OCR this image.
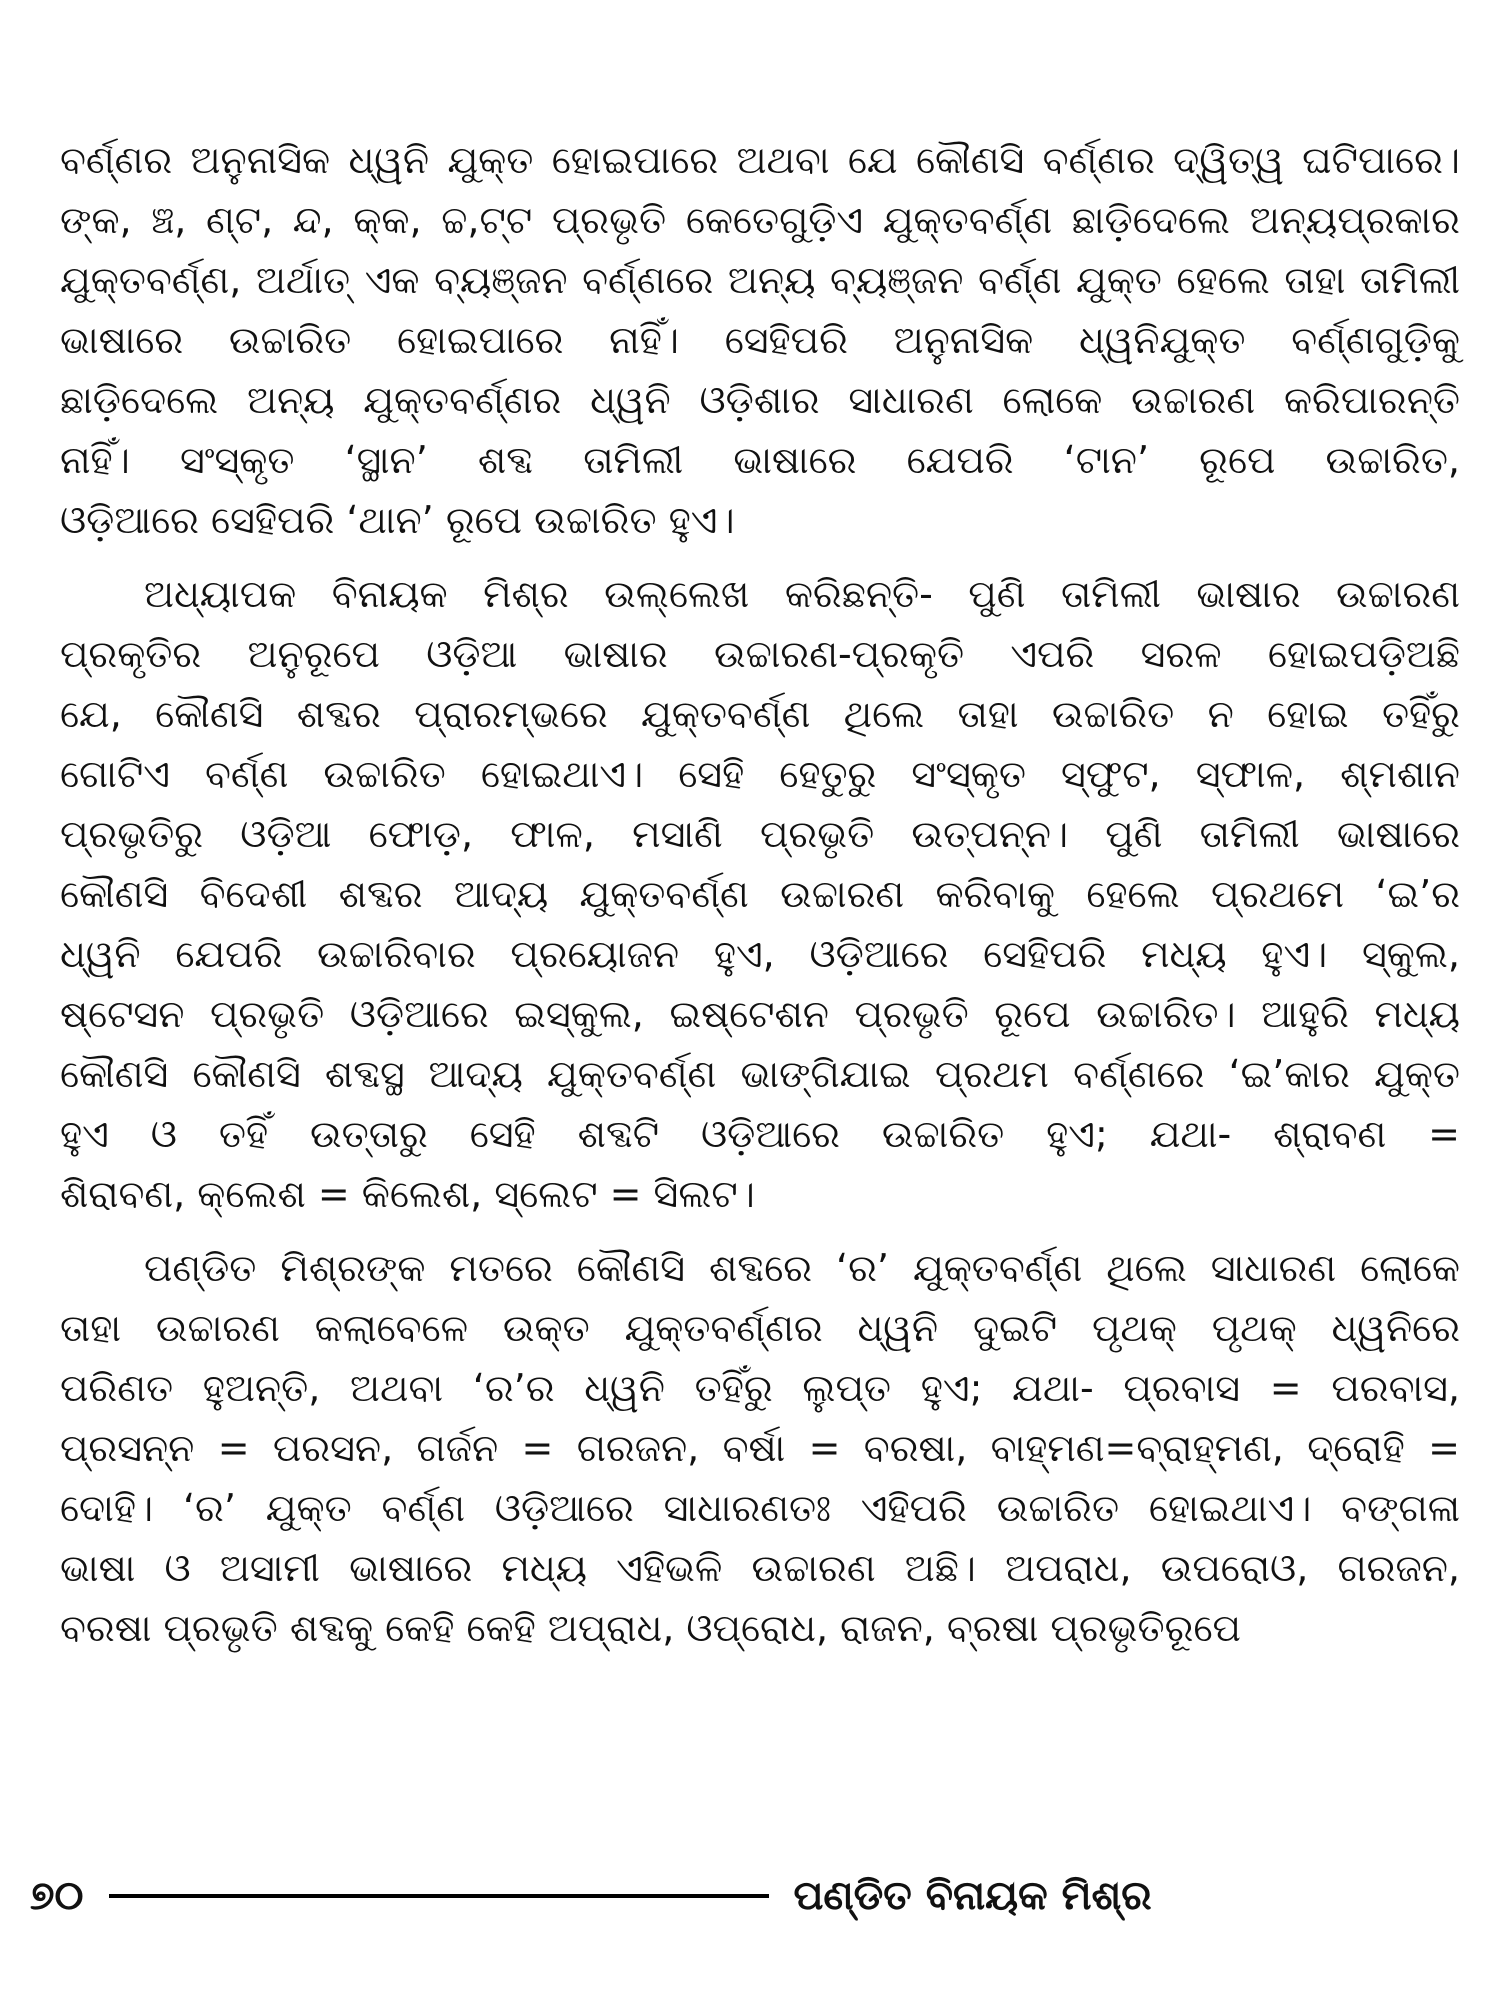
ବର୍ଣ୍ଣର ଅନୁନାସିକ ଧ୍ୱନି ଯୁକ୍ତ ହୋଇପାରେ ଅଥବା ଯେ କୌଣସି ବର୍ଣ୍ଣର ଦ୍ୱିତ୍ୱ ଘଟିପାରେ।
ଙ୍କ, ଞ୍ଚ, ଣ୍ଟ, ନ୍ଦ, କ୍କ, ଚ୍ଚ,ଟ୍ଟ ପ୍ରଭୃତି କେତେଗୁଡ଼ିଏ ଯୁକ୍ତବର୍ଣ୍ଣ ଛାଡ଼ିଦେଲେ ଅନ୍ୟପ୍ରକାର
ଯୁକ୍ତବର୍ଣ୍ଣ, ଅର୍ଥାତ୍ ଏକ ବ୍ୟଞ୍ଜନ ବର୍ଣ୍ଣରେ ଅନ୍ୟ ବ୍ୟଞ୍ଜନ ବର୍ଣ୍ଣ ଯୁକ୍ତ ହେଲେ ତାହା ତାମିଲୀ
ଭାଷାରେ ଉଚ୍ଚାରିତ ହୋଇପାରେ ନାହିଁ। ସେହିପରି ଅନୁନାସିକ ଧ୍ୱନିଯୁକ୍ତ ବର୍ଣ୍ଣଗୁଡ଼ିକୁ
ଛାଡ଼ିଦେଲେ ଅନ୍ୟ ଯୁକ୍ତବର୍ଣ୍ଣର ଧ୍ୱନି ଓଡ଼ିଶାର ସାଧାରଣ ଲୋକେ ଉଚ୍ଚାରଣ କରିପାରନ୍ତି
ନାହିଁ। ସଂସ୍କୃତ ‘ସ୍ଥାନ’ ଶବ୍ଦ ତାମିଲୀ ଭାଷାରେ ଯେପରି ‘ଟାନ’ ରୂପେ ଉଚ୍ଚାରିତ,
ଓଡ଼ିଆରେ ସେହିପରି ‘ଥାନ’ ରୂପେ ଉଚ୍ଚାରିତ ହୁଏ।
ଅଧ୍ୟାପକ ବିନାୟକ ମିଶ୍ର ଉଲ୍ଲେଖ କରିଛନ୍ତି- ପୁଣି ତାମିଲୀ ଭାଷାର ଉଚ୍ଚାରଣ
ପ୍ରକୃତିର ଅନୁରୂପେ ଓଡ଼ିଆ ଭାଷାର ଉଚ୍ଚାରଣ-ପ୍ରକୃତି ଏପରି ସରଳ ହୋଇପଡ଼ିଅଛି
ଯେ, କୌଣସି ଶବ୍ଦର ପ୍ରାରମ୍ଭରେ ଯୁକ୍ତବର୍ଣ୍ଣ ଥିଲେ ତାହା ଉଚ୍ଚାରିତ ନ ହୋଇ ତହିଁରୁ
ଗୋଟିଏ ବର୍ଣ୍ଣ ଉଚ୍ଚାରିତ ହୋଇଥାଏ। ସେହି ହେତୁରୁ ସଂସ୍କୃତ ସ୍ଫୁଟ, ସ୍ଫାଳ, ଶ୍ମଶାନ
ପ୍ରଭୃତିରୁ ଓଡ଼ିଆ ଫୋଡ଼, ଫାଳ, ମସାଣି ପ୍ରଭୃତି ଉତ୍ପନ୍ନ। ପୁଣି ତାମିଲୀ ଭାଷାରେ
କୌଣସି ବିଦେଶୀ ଶବ୍ଦର ଆଦ୍ୟ ଯୁକ୍ତବର୍ଣ୍ଣ ଉଚ୍ଚାରଣ କରିବାକୁ ହେଲେ ପ୍ରଥମେ ‘ଇ’ର
ଧ୍ୱନି ଯେପରି ଉଚ୍ଚାରିବାର ପ୍ରୟୋଜନ ହୁଏ, ଓଡ଼ିଆରେ ସେହିପରି ମଧ୍ୟ ହୁଏ। ସ୍କୁଲ,
ଷ୍ଟେସନ ପ୍ରଭୃତି ଓଡ଼ିଆରେ ଇସ୍କୁଲ, ଇଷ୍ଟେଶନ ପ୍ରଭୃତି ରୂପେ ଉଚ୍ଚାରିତ। ଆହୁରି ମଧ୍ୟ
କୌଣସି କୌଣସି ଶବ୍ଦସ୍ଥ ଆଦ୍ୟ ଯୁକ୍ତବର୍ଣ୍ଣ ଭାଙ୍ଗିଯାଇ ପ୍ରଥମ ବର୍ଣ୍ଣରେ ‘ଇ’କାର ଯୁକ୍ତ
ହୁଏ ଓ ତହିଁ ଉତ୍ତାରୁ ସେହି ଶବ୍ଦଟି ଓଡ଼ିଆରେ ଉଚ୍ଚାରିତ ହୁଏ; ଯଥା- ଶ୍ରାବଣ =
ଶିରାବଣ, କ୍ଲେଶ = କିଲେଶ, ସ୍ଲେଟ = ସିଲଟ।
ପଣ୍ଡିତ ମିଶ୍ରଙ୍କ ମତରେ କୌଣସି ଶବ୍ଦରେ ‘ର’ ଯୁକ୍ତବର୍ଣ୍ଣ ଥିଲେ ସାଧାରଣ ଲୋକେ
ତାହା ଉଚ୍ଚାରଣ କଲାବେଳେ ଉକ୍ତ ଯୁକ୍ତବର୍ଣ୍ଣର ଧ୍ୱନି ଦୁଇଟି ପୃଥକ୍ ପୃଥକ୍ ଧ୍ୱନିରେ
ପରିଣତ ହୁଅନ୍ତି, ଅଥବା ‘ର’ର ଧ୍ୱନି ତହିଁରୁ ଲୁପ୍ତ ହୁଏ; ଯଥା- ପ୍ରବାସ = ପରବାସ,
ପ୍ରସନ୍ନ = ପରସନ, ଗର୍ଜନ = ଗରଜନ, ବର୍ଷା = ବରଷା, ବାହ୍ମଣ=ବ୍ରାହ୍ମଣ, ଦ୍ରୋହି =
ଦୋହି। ‘ର’ ଯୁକ୍ତ ବର୍ଣ୍ଣ ଓଡ଼ିଆରେ ସାଧାରଣତଃ ଏହିପରି ଉଚ୍ଚାରିତ ହୋଇଥାଏ। ବଙ୍ଗଳା
ଭାଷା ଓ ଅସାମୀ ଭାଷାରେ ମଧ୍ୟ ଏହିଭଳି ଉଚ୍ଚାରଣ ଅଛି। ଅପରାଧ, ଉପରୋଓ, ଗରଜନ,
ବରଷା ପ୍ରଭୃତି ଶବ୍ଦକୁ କେହି କେହି ଅପ୍ରାଧ, ଓପ୍ରୋଧ, ରାଜନ, ବ୍ରଷା ପ୍ରଭୃତିରୂପେ
୭୦	ପଣ୍ଡିତ ବିନାୟକ ମିଶ୍ର
